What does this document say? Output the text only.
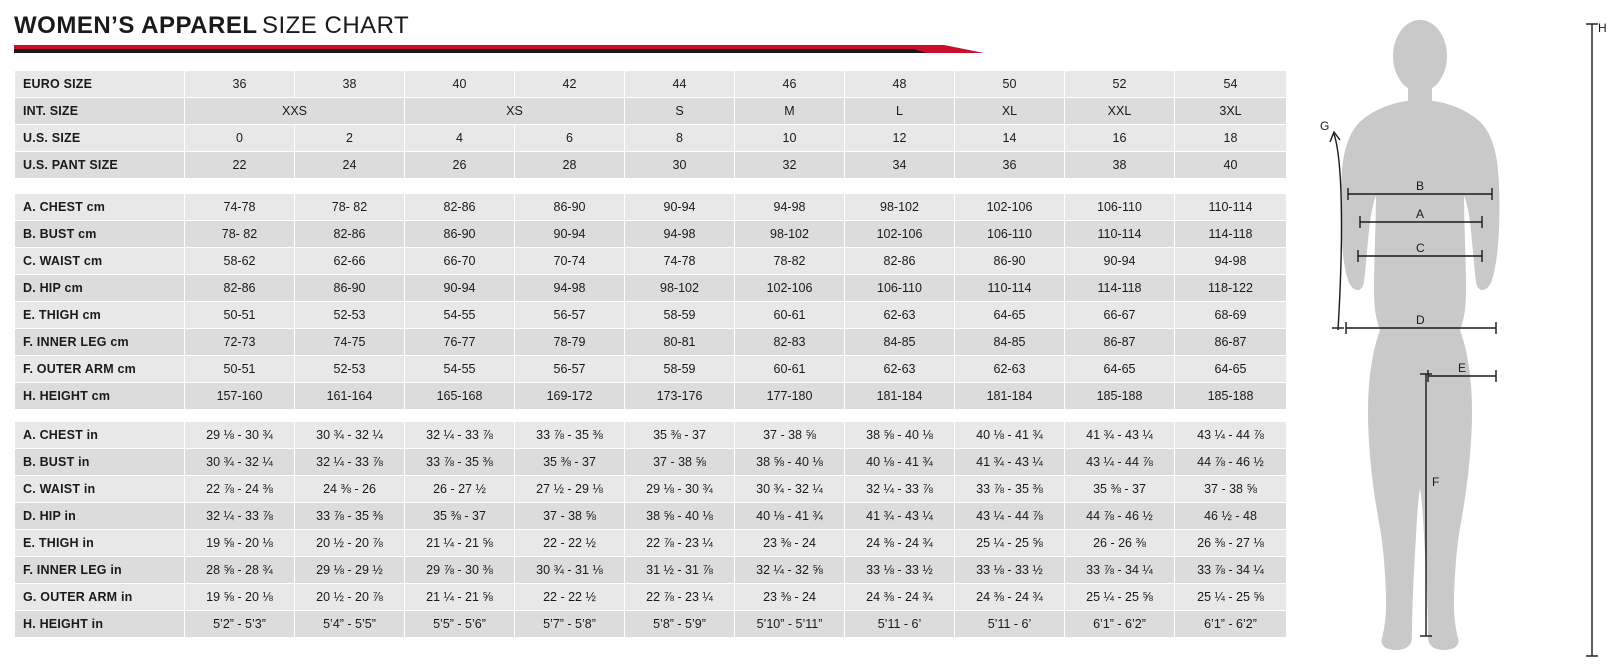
WOMEN’S APPAREL SIZE CHART
EURO SIZE	36	38	40	42	44	46	48	50	52	54
INT. SIZE	XXS		XS		S	M	L	XL	XXL	3XL
U.S. SIZE	0	2	4	6	8	10	12	14	16	18
U.S. PANT SIZE	22	24	26	28	30	32	34	36	38	40
A. CHEST cm	74-78	78- 82	82-86	86-90	90-94	94-98	98-102	102-106	106-110	110-114
B. BUST cm	78- 82	82-86	86-90	90-94	94-98	98-102	102-106	106-110	110-114	114-118
C. WAIST cm	58-62	62-66	66-70	70-74	74-78	78-82	82-86	86-90	90-94	94-98
D. HIP cm	82-86	86-90	90-94	94-98	98-102	102-106	106-110	110-114	114-118	118-122
E. THIGH cm	50-51	52-53	54-55	56-57	58-59	60-61	62-63	64-65	66-67	68-69
F. INNER LEG cm	72-73	74-75	76-77	78-79	80-81	82-83	84-85	84-85	86-87	86-87
F. OUTER ARM cm	50-51	52-53	54-55	56-57	58-59	60-61	62-63	62-63	64-65	64-65
H. HEIGHT cm	157-160	161-164	165-168	169-172	173-176	177-180	181-184	181-184	185-188	185-188
A. CHEST in	29 ⅛ - 30 ¾	30 ¾ - 32 ¼	32 ¼ - 33 ⅞	33 ⅞ - 35 ⅜	35 ⅜ - 37	37 - 38 ⅝	38 ⅝ - 40 ⅛	40 ⅛ - 41 ¾	41 ¾ - 43 ¼	43 ¼ - 44 ⅞
B. BUST in	30 ¾ - 32 ¼	32 ¼ - 33 ⅞	33 ⅞ - 35 ⅜	35 ⅜ - 37	37 - 38 ⅝	38 ⅝ - 40 ⅛	40 ⅛ - 41 ¾	41 ¾ - 43 ¼	43 ¼ - 44 ⅞	44 ⅞ - 46 ½
C. WAIST in	22 ⅞ - 24 ⅜	24 ⅜ - 26	26 - 27 ½	27 ½ - 29 ⅛	29 ⅛ - 30 ¾	30 ¾ - 32 ¼	32 ¼ - 33 ⅞	33 ⅞ - 35 ⅜	35 ⅜ - 37	37 - 38 ⅝
D. HIP in	32 ¼ - 33 ⅞	33 ⅞ - 35 ⅜	35 ⅜ - 37	37 - 38 ⅝	38 ⅝ - 40 ⅛	40 ⅛ - 41 ¾	41 ¾ - 43 ¼	43 ¼ - 44 ⅞	44 ⅞ - 46 ½	46 ½ - 48
E. THIGH in	19 ⅝ - 20 ⅛	20 ½ - 20 ⅞	21 ¼ - 21 ⅝	22 - 22 ½	22 ⅞ - 23 ¼	23 ⅜ - 24	24 ⅜ - 24 ¾	25 ¼ - 25 ⅝	26 - 26 ⅜	26 ⅜ - 27 ⅛
F. INNER LEG in	28 ⅝ - 28 ¾	29 ⅛ - 29 ½	29 ⅞ - 30 ⅜	30 ¾ - 31 ⅛	31 ½ - 31 ⅞	32 ¼ - 32 ⅝	33 ⅛ - 33 ½	33 ⅛ - 33 ½	33 ⅞ - 34 ¼	33 ⅞ - 34 ¼
G. OUTER ARM in	19 ⅝ - 20 ⅛	20 ½ - 20 ⅞	21 ¼ - 21 ⅝	22 - 22 ½	22 ⅞ - 23 ¼	23 ⅜ - 24	24 ⅜ - 24 ¾	24 ⅜ - 24 ¾	25 ¼ - 25 ⅝	25 ¼ - 25 ⅝
H. HEIGHT in	5’2” - 5’3”	5’4” - 5’5”	5’5” - 5’6”	5’7” - 5’8”	5’8” - 5’9”	5’10” - 5’11”	5’11 - 6’	5’11 - 6’	6’1” - 6’2”	6’1” - 6’2”
B
A
C
D
E
F
G
H
